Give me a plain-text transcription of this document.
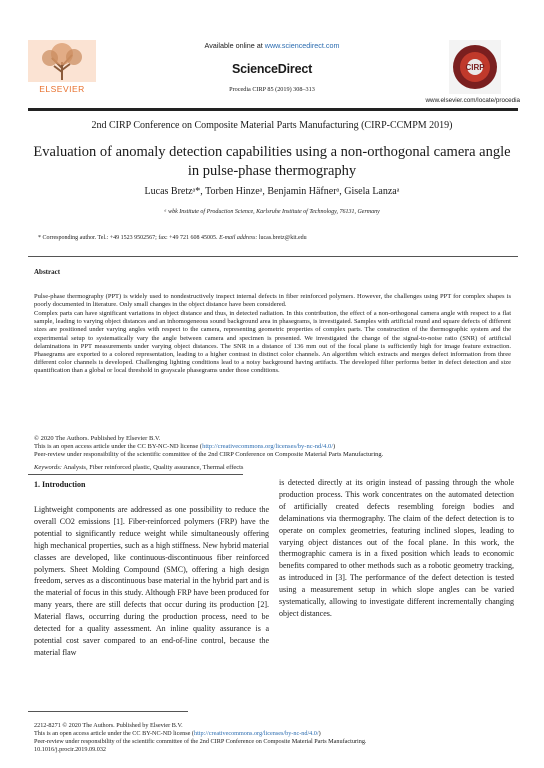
Available online at www.sciencedirect.com
ScienceDirect
Procedia CIRP 85 (2019) 308–313
ELSEVIER
CIRP
www.elsevier.com/locate/procedia
2nd CIRP Conference on Composite Material Parts Manufacturing (CIRP-CCMPM 2019)
Evaluation of anomaly detection capabilities using a non-orthogonal camera angle in pulse-phase thermography
Lucas Bretzᵃ*, Torben Hinzeᵃ, Benjamin Häfnerᵃ, Gisela Lanzaᵃ
ᵃ wbk Institute of Production Science, Karlsruhe Institute of Technology, 76131, Germany
* Corresponding author. Tel.: +49 1523 9502567; fax: +49 721 608 45005. E-mail address: lucas.bretz@kit.edu
Abstract
Pulse-phase thermography (PPT) is widely used to nondestructively inspect internal defects in fiber reinforced polymers. However, the challenges using PPT for complex shapes is poorly documented in literature. Only small changes in the object distance have been considered.
Complex parts can have significant variations in object distance and thus, in detected radiation. In this contribution, the effect of a non-orthogonal camera angle with respect to a flat sample, leading to varying object distances and an inhomogeneous sound background area in phasegrams, is investigated. Samples with artificial round and square defects of different sizes are positioned under varying angles with respect to the camera, representing geometric properties of complex parts. The construction of the thermographic system and the experimental setup to systematically vary the angle between camera and specimen is presented. We investigated the change of the signal-to-noise ratio (SNR) of artificial delaminations in PPT measurements under varying object distances. The SNR in a distance of 136 mm out of the focal plane is sufficiently high for image feature extraction. Phasegrams are exported to a colored representation, leading to a higher contrast in distinct color channels. An algorithm which extracts and merges defect information from three different color channels is developed. Challenging lighting conditions lead to a noisy background having artifacts. The developed filter performs better in defect detection and size quantification than a global or local threshold in grayscale phasegrams under those conditions.
© 2020 The Authors. Published by Elsevier B.V.
This is an open access article under the CC BY-NC-ND license (http://creativecommons.org/licenses/by-nc-nd/4.0/)
Peer-review under responsibility of the scientific committee of the 2nd CIRP Conference on Composite Material Parts Manufacturing.
Keywords: Analysis, Fiber reinforced plastic, Quality assurance, Thermal effects
1. Introduction
Lightweight components are addressed as one possibility to reduce the overall CO2 emissions [1]. Fiber-reinforced polymers (FRP) have the potential to significantly reduce weight while simultaneously offering high mechanical properties, such as a high stiffness. New hybrid material classes are developed, like continuous-discontinuous fiber reinforced polymers. Sheet Molding Compound (SMC), offering a high design freedom, serves as a discontinuous base material in the hybrid part and is the material of focus in this study. Although FRP have been produced for many years, there are still defects that occur during its production [2]. Material flaws, occurring during the production process, need to be detected for a quality assessment. An inline quality assurance is a potential cost saver compared to an end-of-line control, because the material flaw
is detected directly at its origin instead of passing through the whole production process. This work concentrates on the automated detection of artificially created defects resembling foreign bodies and delaminations via thermography. The claim of the defect detection is to operate on complex geometries, featuring inclined slopes, leading to varying object distances out of the focal plane. In this work, the thermographic camera is in a fixed position which leads to economic benefits compared to other methods such as a robotic geometry tracking, as introduced in [3]. The performance of the defect detection is tested using a measurement setup in which slope angles can be varied systematically, allowing to investigate different incrementally changing object distances.
2212-8271 © 2020 The Authors. Published by Elsevier B.V.
This is an open access article under the CC BY-NC-ND license (http://creativecommons.org/licenses/by-nc-nd/4.0/)
Peer-review under responsibility of the scientific committee of the 2nd CIRP Conference on Composite Material Parts Manufacturing.
10.1016/j.procir.2019.09.032
